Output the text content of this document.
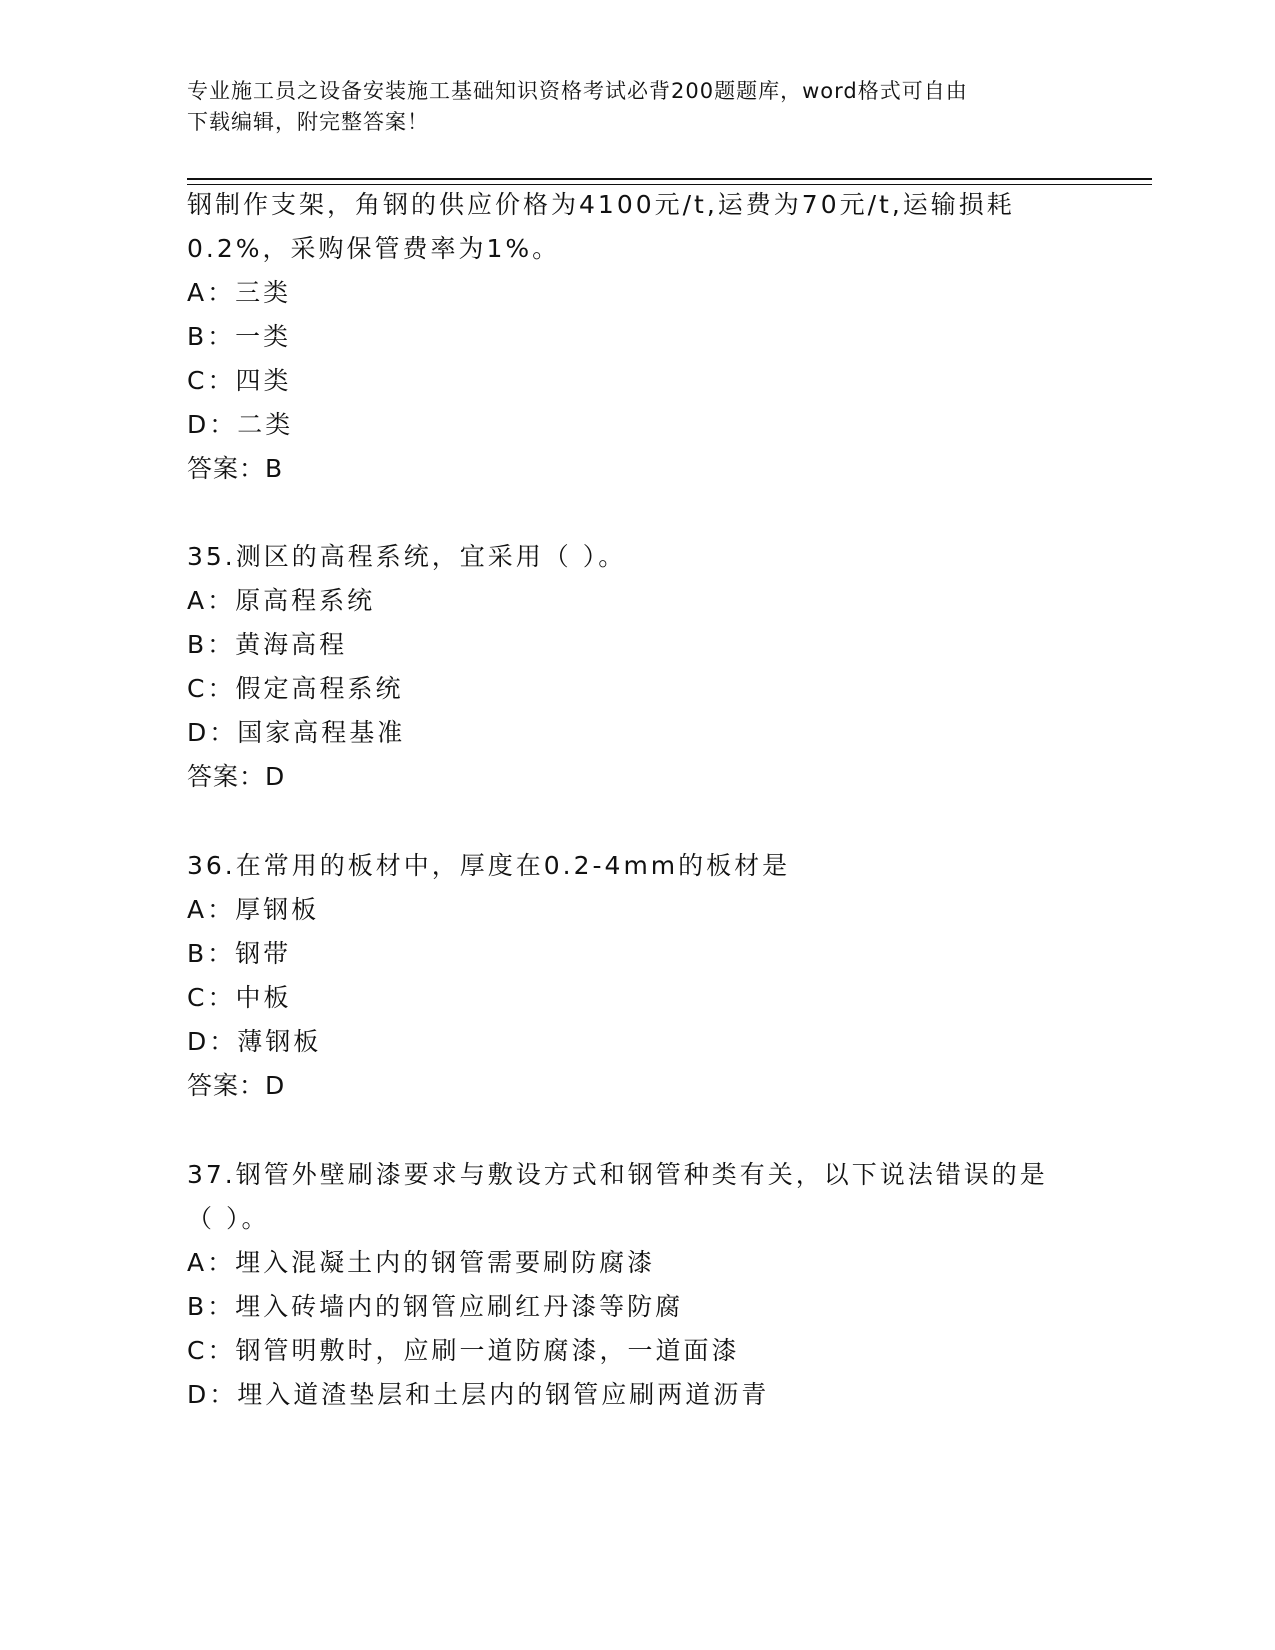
专业施工员之设备安装施工基础知识资格考试必背200题题库，word格式可自由
下载编辑，附完整答案！
钢制作支架，角钢的供应价格为4100元/t,运费为70元/t,运输损耗
0.2%，采购保管费率为1%。
A：三类
B：一类
C：四类
D：二类
答案：B
35.测区的高程系统，宜采用（ ）。
A：原高程系统
B：黄海高程
C：假定高程系统
D：国家高程基准
答案：D
36.在常用的板材中，厚度在0.2-4mm的板材是
A：厚钢板
B：钢带
C：中板
D：薄钢板
答案：D
37.钢管外壁刷漆要求与敷设方式和钢管种类有关，以下说法错误的是
（ ）。
A：埋入混凝土内的钢管需要刷防腐漆
B：埋入砖墙内的钢管应刷红丹漆等防腐
C：钢管明敷时，应刷一道防腐漆，一道面漆
D：埋入道渣垫层和土层内的钢管应刷两道沥青
